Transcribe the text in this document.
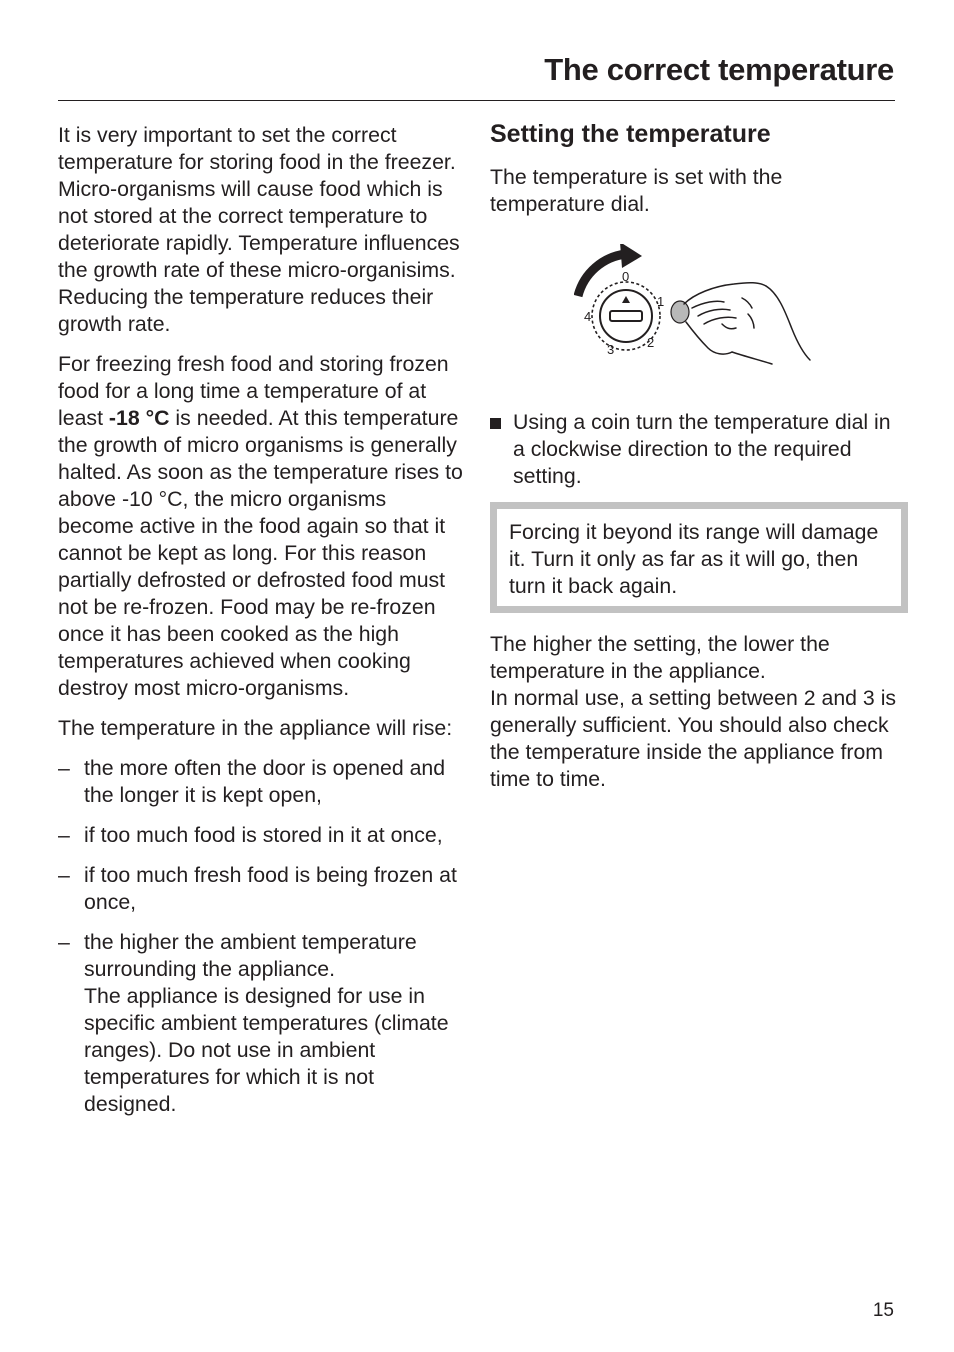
The correct temperature

It is very important to set the correct temperature for storing food in the freezer. Micro-organisms will cause food which is not stored at the correct temperature to deteriorate rapidly. Temperature influences the growth rate of these micro-organisims. Reducing the temperature reduces their growth rate.

For freezing fresh food and storing frozen food for a long time a temperature of at least -18 °C is needed. At this temperature the growth of micro organisms is generally halted. As soon as the temperature rises to above -10 °C, the micro organisms become active in the food again so that it cannot be kept as long. For this reason partially defrosted or defrosted food must not be re-frozen. Food may be re-frozen once it has been cooked as the high temperatures achieved when cooking destroy most micro-organisms.

The temperature in the appliance will rise:

– the more often the door is opened and the longer it is kept open,
– if too much food is stored in it at once,
– if too much fresh food is being frozen at once,
– the higher the ambient temperature surrounding the appliance.
The appliance is designed for use in specific ambient temperatures (climate ranges). Do not use in ambient temperatures for which it is not designed.
Setting the temperature

The temperature is set with the temperature dial.

0
1
2
3
4
Using a coin turn the temperature dial in a clockwise direction to the required setting.

Forcing it beyond its range will damage it. Turn it only as far as it will go, then turn it back again.

The higher the setting, the lower the temperature in the appliance.

In normal use, a setting between 2 and 3 is generally sufficient. You should also check the temperature inside the appliance from time to time.

15
